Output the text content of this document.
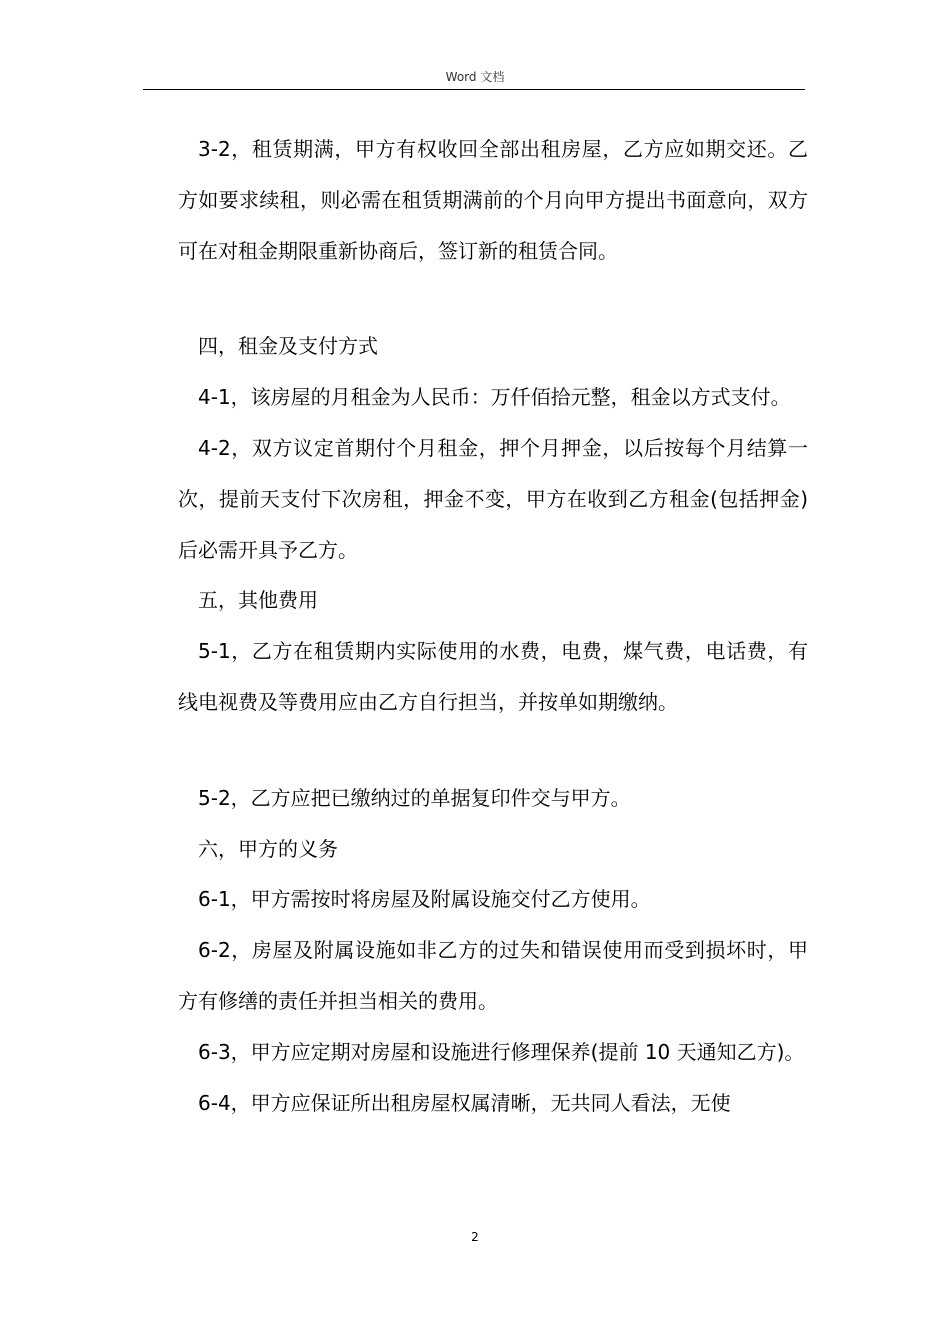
Word 文档

3-2，租赁期满，甲方有权收回全部出租房屋，乙方应如期交还。乙方如要求续租，则必需在租赁期满前的个月向甲方提出书面意向，双方可在对租金期限重新协商后，签订新的租赁合同。

四，租金及支付方式

4-1，该房屋的月租金为人民币：万仟佰拾元整，租金以方式支付。

4-2，双方议定首期付个月租金，押个月押金，以后按每个月结算一次，提前天支付下次房租，押金不变，甲方在收到乙方租金(包括押金)后必需开具予乙方。

五，其他费用

5-1，乙方在租赁期内实际使用的水费，电费，煤气费，电话费，有线电视费及等费用应由乙方自行担当，并按单如期缴纳。

5-2，乙方应把已缴纳过的单据复印件交与甲方。

六，甲方的义务

6-1，甲方需按时将房屋及附属设施交付乙方使用。

6-2，房屋及附属设施如非乙方的过失和错误使用而受到损坏时，甲方有修缮的责任并担当相关的费用。

6-3，甲方应定期对房屋和设施进行修理保养(提前 10 天通知乙方)。

6-4，甲方应保证所出租房屋权属清晰，无共同人看法，无使

2
